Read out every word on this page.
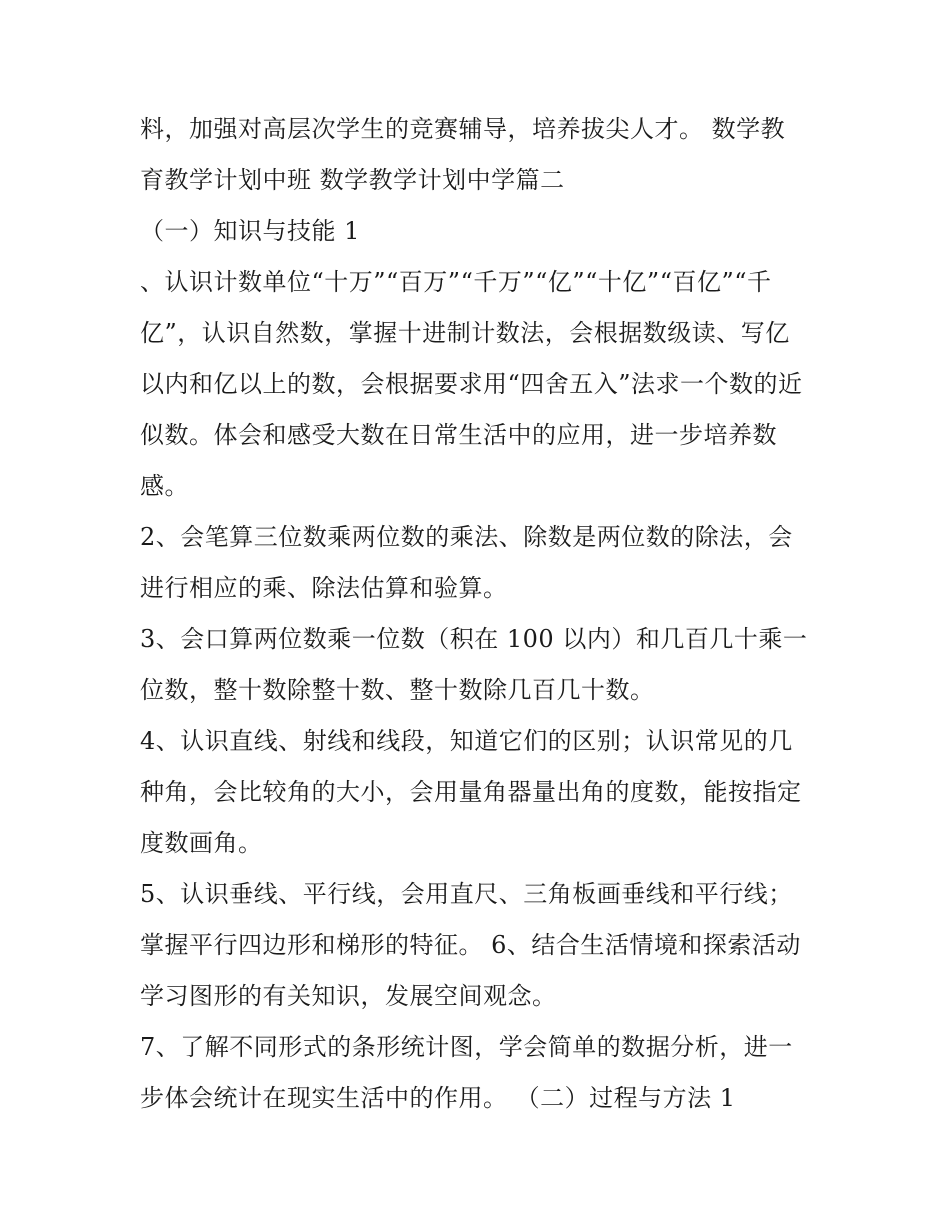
料，加强对高层次学生的竞赛辅导，培养拔尖人才。 数学教
育教学计划中班 数学教学计划中学篇二
（一）知识与技能 1
、认识计数单位“十万”“百万”“千万”“亿”“十亿”“百亿”“千
亿”，认识自然数，掌握十进制计数法，会根据数级读、写亿
以内和亿以上的数，会根据要求用“四舍五入”法求一个数的近
似数。体会和感受大数在日常生活中的应用，进一步培养数
感。
2、会笔算三位数乘两位数的乘法、除数是两位数的除法，会
进行相应的乘、除法估算和验算。
3、会口算两位数乘一位数（积在 100 以内）和几百几十乘一
位数，整十数除整十数、整十数除几百几十数。
4、认识直线、射线和线段，知道它们的区别；认识常见的几
种角，会比较角的大小，会用量角器量出角的度数，能按指定
度数画角。
5、认识垂线、平行线，会用直尺、三角板画垂线和平行线；
掌握平行四边形和梯形的特征。 6、结合生活情境和探索活动
学习图形的有关知识，发展空间观念。
7、了解不同形式的条形统计图，学会简单的数据分析，进一
步体会统计在现实生活中的作用。 （二）过程与方法 1
